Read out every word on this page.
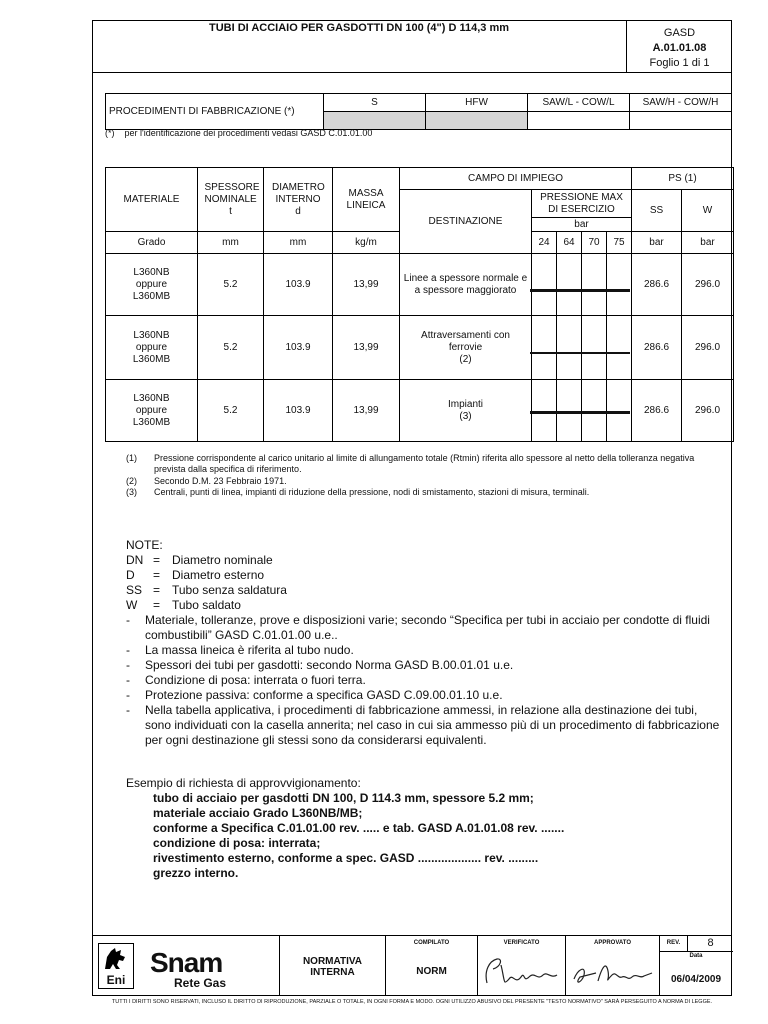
TUBI DI ACCIAIO PER GASDOTTI DN 100 (4") D 114,3 mm	GASD
A.01.01.08
Foglio 1 di 1
PROCEDIMENTI DI FABBRICAZIONE (*)	S	HFW	SAW/L - COW/L	SAW/H - COW/H

(*) per l'identificazione dei procedimenti vedasi GASD C.01.01.00
MATERIALE	SPESSORE NOMINALE t	DIAMETRO INTERNO d	MASSA LINEICA	CAMPO DI IMPIEGO					PS (1)	
				DESTINAZIONE	PRESSIONE MAX DI ESERCIZIO				SS	W
					bar					
Grado	mm	mm	kg/m		24	64	70	75	bar	bar
L360NB
oppure
L360MB	5.2	103.9	13,99	Linee a spessore normale e
a spessore maggiorato					286.6	296.0
L360NB
oppure
L360MB	5.2	103.9	13,99	Attraversamenti con
ferrovie
(2)					286.6	296.0
L360NB
oppure
L360MB	5.2	103.9	13,99	Impianti
(3)					286.6	296.0
(1) Pressione corrispondente al carico unitario al limite di allungamento totale (Rtmin) riferita allo spessore al netto della tolleranza negativa prevista dalla specifica di riferimento.
(2) Secondo D.M. 23 Febbraio 1971.
(3) Centrali, punti di linea, impianti di riduzione della pressione, nodi di smistamento, stazioni di misura, terminali.
NOTE:
DN = Diametro nominale
D = Diametro esterno
SS = Tubo senza saldatura
W = Tubo saldato
- Materiale, tolleranze, prove e disposizioni varie; secondo “Specifica per tubi in acciaio per condotte di fluidi combustibili” GASD C.01.01.00 u.e..
- La massa lineica è riferita al tubo nudo.
- Spessori dei tubi per gasdotti: secondo Norma GASD B.00.01.01 u.e.
- Condizione di posa: interrata o fuori terra.
- Protezione passiva: conforme a specifica GASD C.09.00.01.10 u.e.
- Nella tabella applicativa, i procedimenti di fabbricazione ammessi, in relazione alla destinazione dei tubi, sono individuati con la casella annerita; nel caso in cui sia ammesso più di un procedimento di fabbricazione per ogni destinazione gli stessi sono da considerarsi equivalenti.
Esempio di richiesta di approvvigionamento:
tubo di acciaio per gasdotti DN 100, D 114.3 mm, spessore 5.2 mm;
materiale acciaio Grado L360NB/MB;
conforme a Specifica C.01.01.00 rev. ..... e tab. GASD A.01.01.08 rev. .......
condizione di posa: interrata;
rivestimento esterno, conforme a spec. GASD ................... rev. .........
grezzo interno.
Eni
Snam
Rete Gas
NORMATIVA
INTERNA
COMPILATO
NORM
VERIFICATO	APPROVATO	REV.	8
Data
06/04/2009
TUTTI I DIRITTI SONO RISERVATI, INCLUSO IL DIRITTO DI RIPRODUZIONE, PARZIALE O TOTALE, IN OGNI FORMA E MODO. OGNI UTILIZZO ABUSIVO DEL PRESENTE "TESTO NORMATIVO" SARÀ PERSEGUITO A NORMA DI LEGGE.
